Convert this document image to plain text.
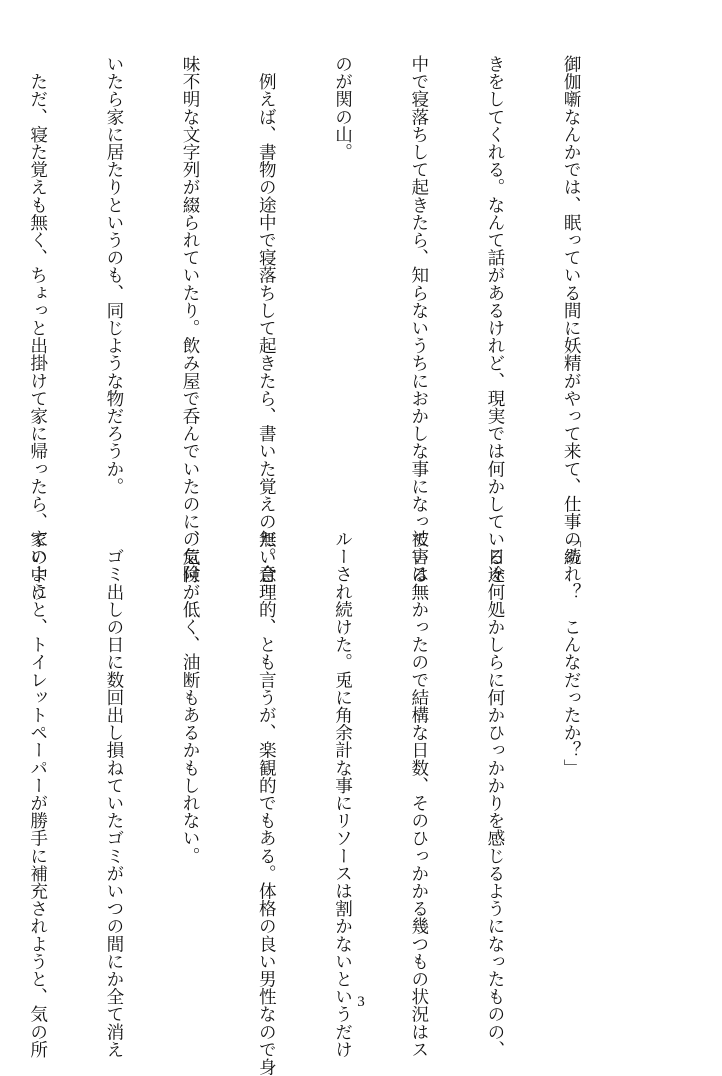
御伽噺なんかでは、眠っている間に妖精がやって来て、仕事の続

きをしてくれる。なんて話があるけれど、現実では何かしている途

中で寝落ちして起きたら、知らないうちにおかしな事になっている

のが関の山。

　例えば、書物の途中で寝落ちして起きたら、書いた覚えの無い意

味不明な文字列が綴られていたり。飲み屋で呑んでいたのに、気付

いたら家に居たりというのも、同じような物だろうか。

　ただ、寝た覚えも無く、ちょっと出掛けて家に帰ったら、家の中に

「あれ？　こんなだったか？」

　日々何処かしらに何かひっかかりを感じるようになったものの、

被害は無かったので結構な日数、そのひっかかる幾つもの状況はス

ルーされ続けた。兎に角余計な事にリソースは割かないというだけ

だ。合理的、とも言うが、楽観的でもある。体格の良い男性なので身

の危険が低く、油断もあるかもしれない。

　ゴミ出しの日に数回出し損ねていたゴミがいつの間にか全て消え

ていようと、トイレットペーパーが勝手に補充されようと、気の所

	3
